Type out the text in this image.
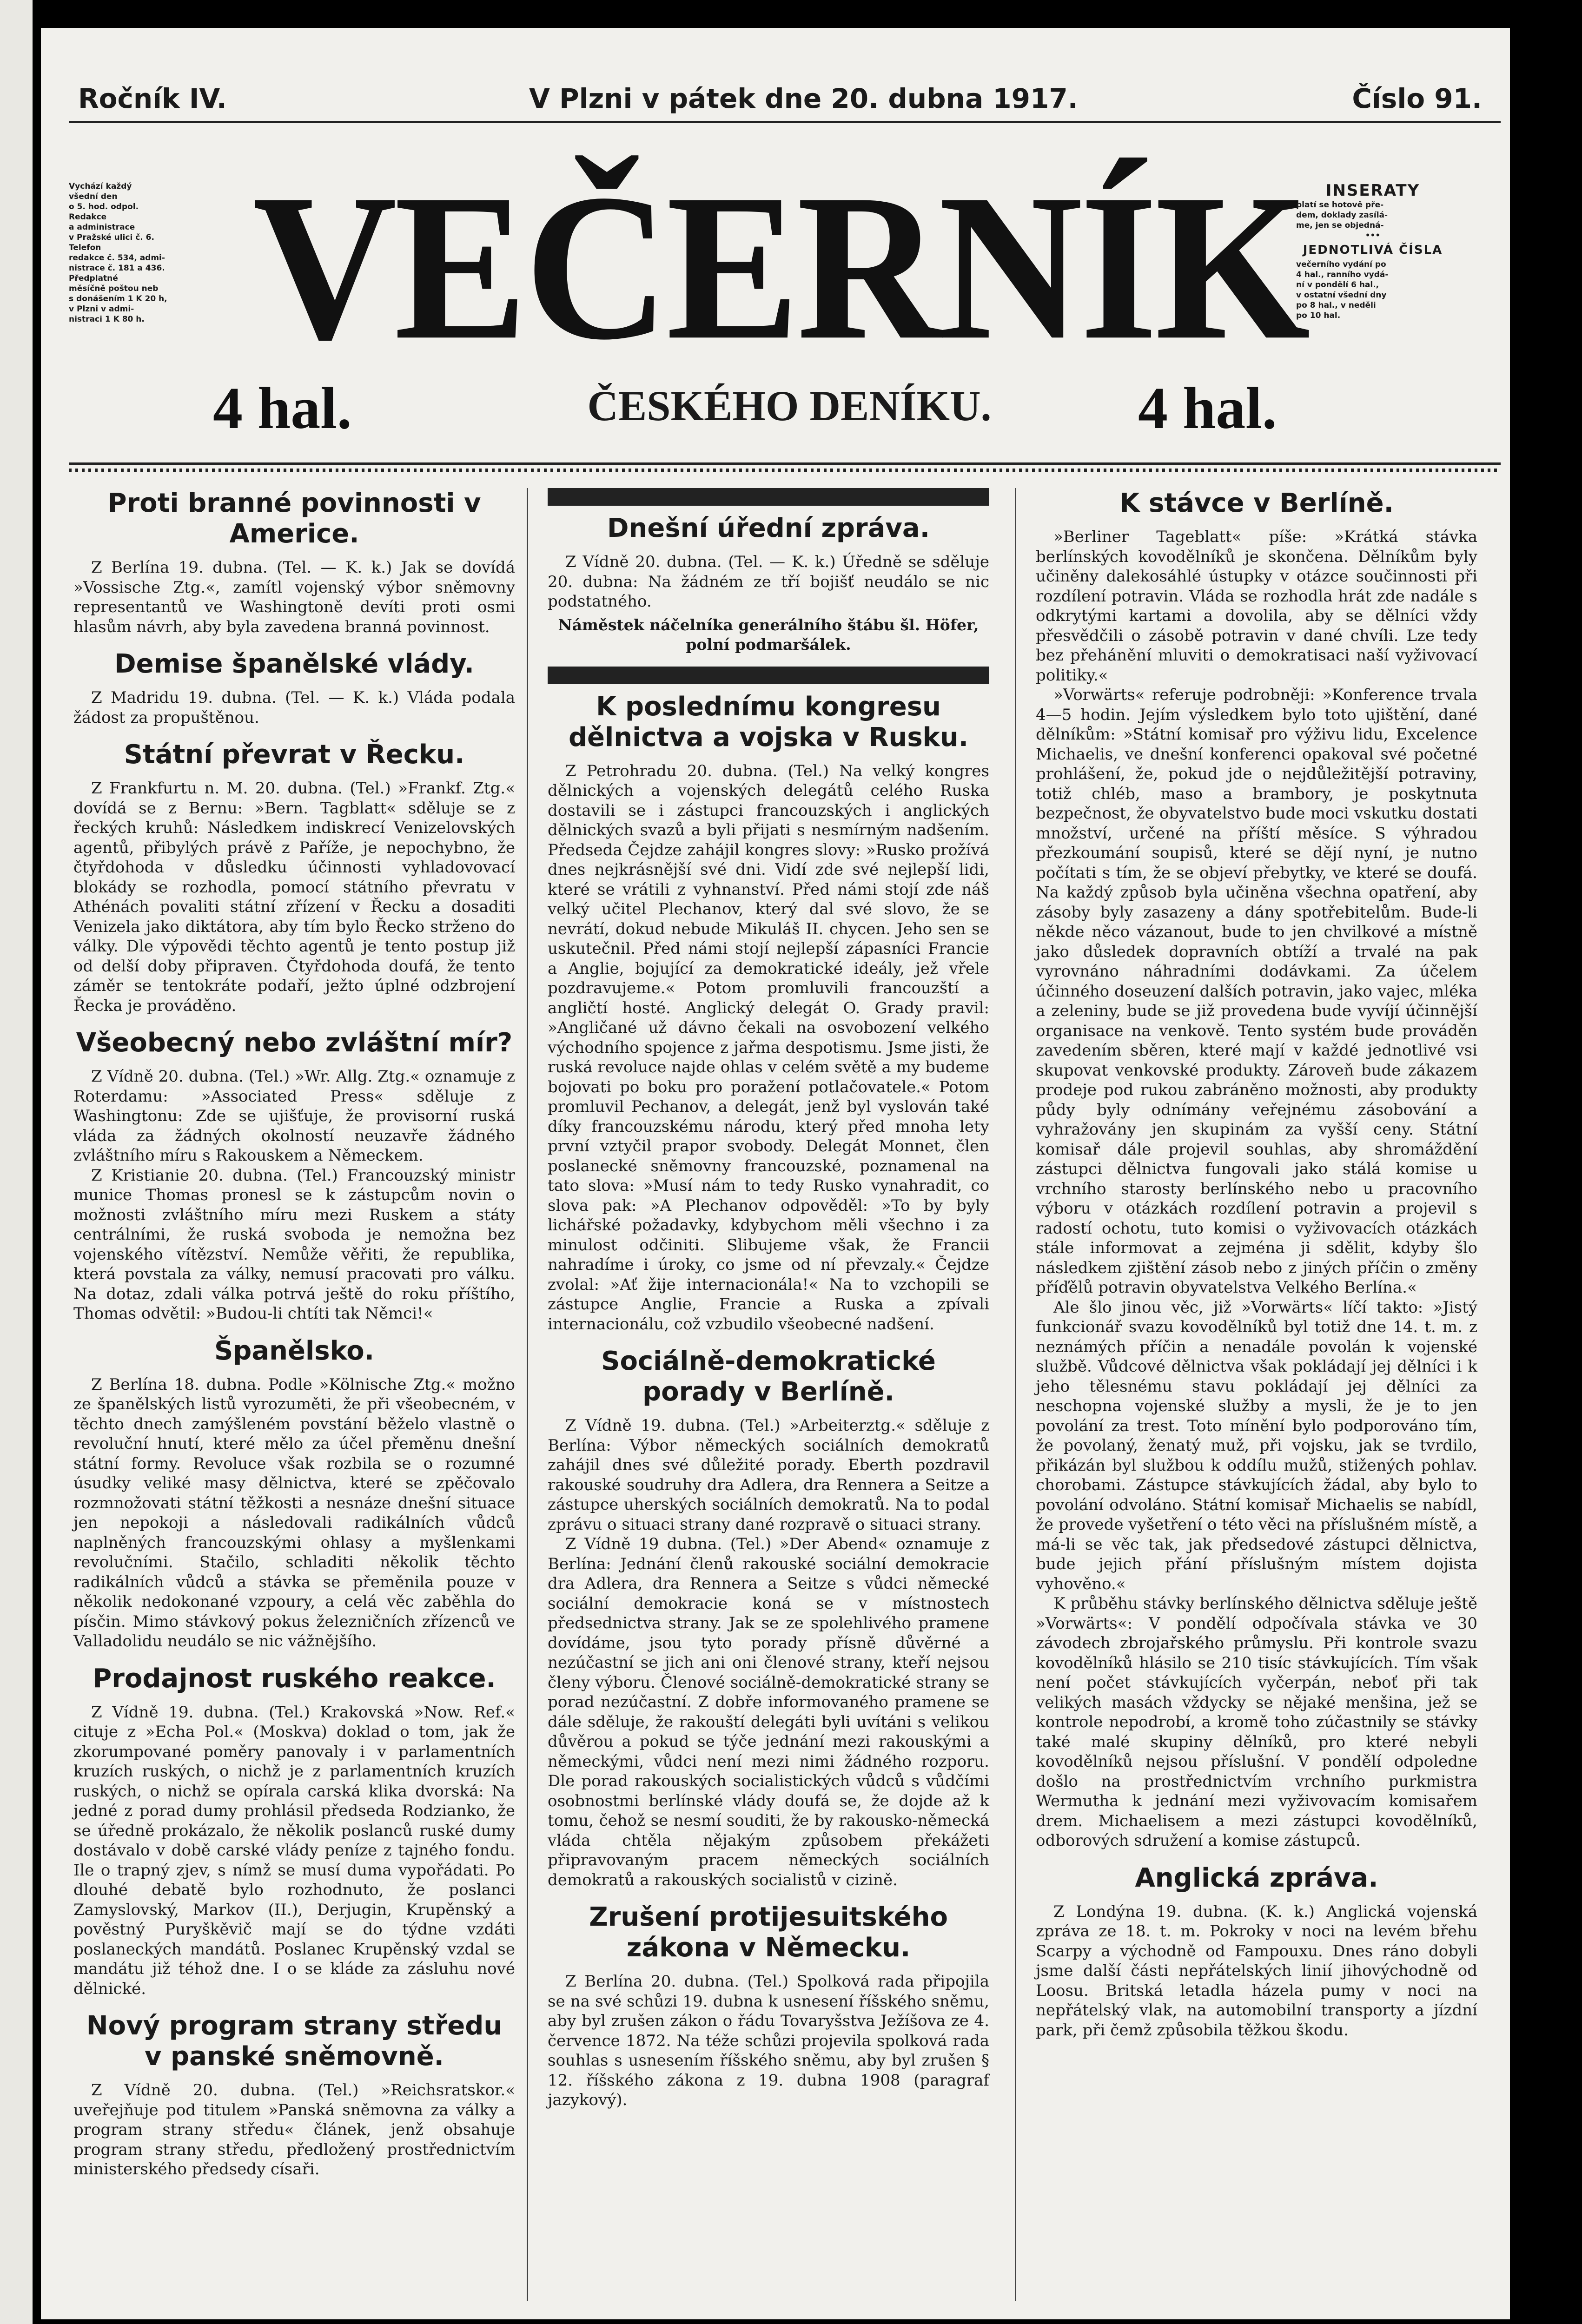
Ročník IV.	V Plzni v pátek dne 20. dubna 1917.	Číslo 91.
Vychází každý
všední den
o 5. hod. odpol.
Redakce
a administrace
v Pražské ulici č. 6.
Telefon
redakce č. 534, admi-
nistrace č. 181 a 436.
Předplatné
měsíčně poštou neb
s donášením 1 K 20 h,
v Plzni v admi-
nistraci 1 K 80 h. VEČERNÍK
4 hal.	ČESKÉHO DENÍKU.	4 hal.
INSERATY
platí se hotově pře-
dem, doklady zasílá-
me, jen se objedná-
•••
JEDNOTLIVÁ ČÍSLA
večerního vydání po
4 hal., ranního vydá-
ní v pondělí 6 hal.,
v ostatní všední dny
po 8 hal., v neděli
po 10 hal.
Proti branné povinnosti v Americe.

Z Berlína 19. dubna. (Tel. — K. k.) Jak se dovídá »Vossische Ztg.«, zamítl vojenský výbor sněmovny representantů ve Washingtoně devíti proti osmi hlasům návrh, aby byla zavedena branná povinnost.

Demise španělské vlády.

Z Madridu 19. dubna. (Tel. — K. k.) Vláda podala žádost za propuštěnou.

Státní převrat v Řecku.

Z Frankfurtu n. M. 20. dubna. (Tel.) »Frankf. Ztg.« dovídá se z Bernu: »Bern. Tagblatt« sděluje se z řeckých kruhů: Následkem indiskrecí Venizelovských agentů, přibylých právě z Paříže, je nepochybno, že čtyřdohoda v důsledku účinnosti vyhladovovací blokády se rozhodla, pomocí státního převratu v Athénách povaliti státní zřízení v Řecku a dosaditi Venizela jako diktátora, aby tím bylo Řecko strženo do války. Dle výpovědi těchto agentů je tento postup již od delší doby připraven. Čtyřdohoda doufá, že tento záměr se tentokráte podaří, ježto úplné odzbrojení Řecka je prováděno.

Všeobecný nebo zvláštní mír?

Z Vídně 20. dubna. (Tel.) »Wr. Allg. Ztg.« oznamuje z Roterdamu: »Associated Press« sděluje z Washingtonu: Zde se ujišťuje, že provisorní ruská vláda za žádných okolností neuzavře žádného zvláštního míru s Rakouskem a Německem.

Z Kristianie 20. dubna. (Tel.) Francouzský ministr munice Thomas pronesl se k zástupcům novin o možnosti zvláštního míru mezi Ruskem a státy centrálními, že ruská svoboda je nemožna bez vojenského vítězství. Nemůže věřiti, že republika, která povstala za války, nemusí pracovati pro válku. Na dotaz, zdali válka potrvá ještě do roku příštího, Thomas odvětil: »Budou-li chtíti tak Němci!«

Španělsko.

Z Berlína 18. dubna. Podle »Kölnische Ztg.« možno ze španělských listů vyrozuměti, že při všeobecném, v těchto dnech zamýšleném povstání běželo vlastně o revoluční hnutí, které mělo za účel přeměnu dnešní státní formy. Revoluce však rozbila se o rozumné úsudky veliké masy dělnictva, které se zpěčovalo rozmnožovati státní těžkosti a nesnáze dnešní situace jen nepokoji a následovali radikálních vůdců naplněných francouzskými ohlasy a myšlenkami revolučními. Stačilo, schladiti několik těchto radikálních vůdců a stávka se přeměnila pouze v několik nedokonané vzpoury, a celá věc zaběhla do písčin. Mimo stávkový pokus železničních zřízenců ve Valladolidu neudálo se nic vážnějšího.

Prodajnost ruského reakce.

Z Vídně 19. dubna. (Tel.) Krakovská »Now. Ref.« cituje z »Echa Pol.« (Moskva) doklad o tom, jak že zkorumpované poměry panovaly i v parlamentních kruzích ruských, o nichž je z parlamentních kruzích ruských, o nichž se opírala carská klika dvorská: Na jedné z porad dumy prohlásil předseda Rodzianko, že se úředně prokázalo, že několik poslanců ruské dumy dostávalo v době carské vlády peníze z tajného fondu. Ile o trapný zjev, s nímž se musí duma vypořádati. Po dlouhé debatě bylo rozhodnuto, že poslanci Zamyslovský, Markov (II.), Derjugin, Krupěnský a pověstný Puryškěvič mají se do týdne vzdáti poslaneckých mandátů. Poslanec Krupěnský vzdal se mandátu již téhož dne. I o se kláde za zásluhu nové dělnické.

Nový program strany středu v panské sněmovně.

Z Vídně 20. dubna. (Tel.) »Reichsratskor.« uveřejňuje pod titulem »Panská sněmovna za války a program strany středu« článek, jenž obsahuje program strany středu, předložený prostřednictvím ministerského předsedy císaři.

Dnešní úřední zpráva.

Z Vídně 20. dubna. (Tel. — K. k.) Úředně se sděluje 20. dubna: Na žádném ze tří bojišť neudálo se nic podstatného.

Náměstek náčelníka generálního štábu šl. Höfer, polní podmaršálek.
K poslednímu kongresu dělnictva a vojska v Rusku.

Z Petrohradu 20. dubna. (Tel.) Na velký kongres dělnických a vojenských delegátů celého Ruska dostavili se i zástupci francouzských i anglických dělnických svazů a byli přijati s nesmírným nadšením. Předseda Čejdze zahájil kongres slovy: »Rusko prožívá dnes nejkrásnější své dni. Vidí zde své nejlepší lidi, které se vrátili z vyhnanství. Před námi stojí zde náš velký učitel Plechanov, který dal své slovo, že se nevrátí, dokud nebude Mikuláš II. chycen. Jeho sen se uskutečnil. Před námi stojí nejlepší zápasníci Francie a Anglie, bojující za demokratické ideály, jež vřele pozdravujeme.« Potom promluvili francouzští a angličtí hosté. Anglický delegát O. Grady pravil: »Angličané už dávno čekali na osvobození velkého východního spojence z jařma despotismu. Jsme jisti, že ruská revoluce najde ohlas v celém světě a my budeme bojovati po boku pro poražení potlačovatele.« Potom promluvil Pechanov, a delegát, jenž byl vyslován také díky francouzskému národu, který před mnoha lety první vztyčil prapor svobody. Delegát Monnet, člen poslanecké sněmovny francouzské, poznamenal na tato slova: »Musí nám to tedy Rusko vynahradit, co slova pak: »A Plechanov odpověděl: »To by byly lichářské požadavky, kdybychom měli všechno i za minulost odčiniti. Slibujeme však, že Francii nahradíme i úroky, co jsme od ní převzaly.« Čejdze zvolal: »Ať žije internacionála!« Na to vzchopili se zástupce Anglie, Francie a Ruska a zpívali internacionálu, což vzbudilo všeobecné nadšení.

Sociálně-demokratické porady v Berlíně.

Z Vídně 19. dubna. (Tel.) »Arbeiterztg.« sděluje z Berlína: Výbor německých sociálních demokratů zahájil dnes své důležité porady. Eberth pozdravil rakouské soudruhy dra Adlera, dra Rennera a Seitze a zástupce uherských sociálních demokratů. Na to podal zprávu o situaci strany dané rozpravě o situaci strany.

Z Vídně 19 dubna. (Tel.) »Der Abend« oznamuje z Berlína: Jednání členů rakouské sociální demokracie dra Adlera, dra Rennera a Seitze s vůdci německé sociální demokracie koná se v místnostech předsednictva strany. Jak se ze spolehlivého pramene dovídáme, jsou tyto porady přísně důvěrné a nezúčastní se jich ani oni členové strany, kteří nejsou členy výboru. Členové sociálně-demokratické strany se porad nezúčastní. Z dobře informovaného pramene se dále sděluje, že rakouští delegáti byli uvítáni s velikou důvěrou a pokud se týče jednání mezi rakouskými a německými, vůdci není mezi nimi žádného rozporu. Dle porad rakouských socialistických vůdců s vůdčími osobnostmi berlínské vlády doufá se, že dojde až k tomu, čehož se nesmí souditi, že by rakousko-německá vláda chtěla nějakým způsobem překážeti připravovaným pracem německých sociálních demokratů a rakouských socialistů v cizině.

Zrušení protijesuitského zákona v Německu.

Z Berlína 20. dubna. (Tel.) Spolková rada připojila se na své schůzi 19. dubna k usnesení říšského sněmu, aby byl zrušen zákon o řádu Tovaryšstva Ježíšova ze 4. července 1872. Na téže schůzi projevila spolková rada souhlas s usnesením říšského sněmu, aby byl zrušen § 12. říšského zákona z 19. dubna 1908 (paragraf jazykový).

K stávce v Berlíně.

»Berliner Tageblatt« píše: »Krátká stávka berlínských kovodělníků je skončena. Dělníkům byly učiněny dalekosáhlé ústupky v otázce součinnosti při rozdílení potravin. Vláda se rozhodla hrát zde nadále s odkrytými kartami a dovolila, aby se dělníci vždy přesvědčili o zásobě potravin v dané chvíli. Lze tedy bez přehánění mluviti o demokratisaci naší vyživovací politiky.«

»Vorwärts« referuje podrobněji: »Konference trvala 4—5 hodin. Jejím výsledkem bylo toto ujištění, dané dělníkům: »Státní komisař pro výživu lidu, Excelence Michaelis, ve dnešní konferenci opakoval své početné prohlášení, že, pokud jde o nejdůležitější potraviny, totiž chléb, maso a brambory, je poskytnuta bezpečnost, že obyvatelstvo bude moci vskutku dostati množství, určené na příští měsíce. S výhradou přezkoumání soupisů, které se dějí nyní, je nutno počítati s tím, že se objeví přebytky, ve které se doufá. Na každý způsob byla učiněna všechna opatření, aby zásoby byly zasazeny a dány spotřebitelům. Bude-li někde něco vázanout, bude to jen chvilkové a místně jako důsledek dopravních obtíží a trvalé na pak vyrovnáno náhradními dodávkami. Za účelem účinného doseuzení dalších potravin, jako vajec, mléka a zeleniny, bude se již provedena bude vyvíjí účinnější organisace na venkově. Tento systém bude prováděn zavedením sběren, které mají v každé jednotlivé vsi skupovat venkovské produkty. Zároveň bude zákazem prodeje pod rukou zabráněno možnosti, aby produkty půdy byly odnímány veřejnému zásobování a vyhražovány jen skupinám za vyšší ceny. Státní komisař dále projevil souhlas, aby shromáždění zástupci dělnictva fungovali jako stálá komise u vrchního starosty berlínského nebo u pracovního výboru v otázkách rozdílení potravin a projevil s radostí ochotu, tuto komisi o vyživovacích otázkách stále informovat a zejména ji sdělit, kdyby šlo následkem zjištění zásob nebo z jiných příčin o změny příďělů potravin obyvatelstva Velkého Berlína.«

Ale šlo jinou věc, již »Vorwärts« líčí takto: »Jistý funkcionář svazu kovodělníků byl totiž dne 14. t. m. z neznámých příčin a nenadále povolán k vojenské službě. Vůdcové dělnictva však pokládají jej dělníci i k jeho tělesnému stavu pokládají jej dělníci za neschopna vojenské služby a mysli, že je to jen povolání za trest. Toto mínění bylo podporováno tím, že povolaný, ženatý muž, při vojsku, jak se tvrdilo, přikázán byl službou k oddílu mužů, stižených pohlav. chorobami. Zástupce stávkujících žádal, aby bylo to povolání odvoláno. Státní komisař Michaelis se nabídl, že provede vyšetření o této věci na příslušném místě, a má-li se věc tak, jak předsedové zástupci dělnictva, bude jejich přání příslušným místem dojista vyhověno.«

K průběhu stávky berlínského dělnictva sděluje ještě »Vorwärts«: V pondělí odpočívala stávka ve 30 závodech zbrojařského průmyslu. Při kontrole svazu kovodělníků hlásilo se 210 tisíc stávkujících. Tím však není počet stávkujících vyčerpán, neboť při tak velikých masách vždycky se nějaké menšina, jež se kontrole nepodrobí, a kromě toho zúčastnily se stávky také malé skupiny dělníků, pro které nebyli kovodělníků nejsou příslušní. V pondělí odpoledne došlo na prostřednictvím vrchního purkmistra Wermutha k jednání mezi vyživovacím komisařem drem. Michaelisem a mezi zástupci kovodělníků, odborových sdružení a komise zástupců.

Anglická zpráva.

Z Londýna 19. dubna. (K. k.) Anglická vojenská zpráva ze 18. t. m. Pokroky v noci na levém břehu Scarpy a východně od Fampouxu. Dnes ráno dobyli jsme další části nepřátelských linií jihovýchodně od Loosu. Britská letadla házela pumy v noci na nepřátelský vlak, na automobilní transporty a jízdní park, při čemž způsobila těžkou škodu.
